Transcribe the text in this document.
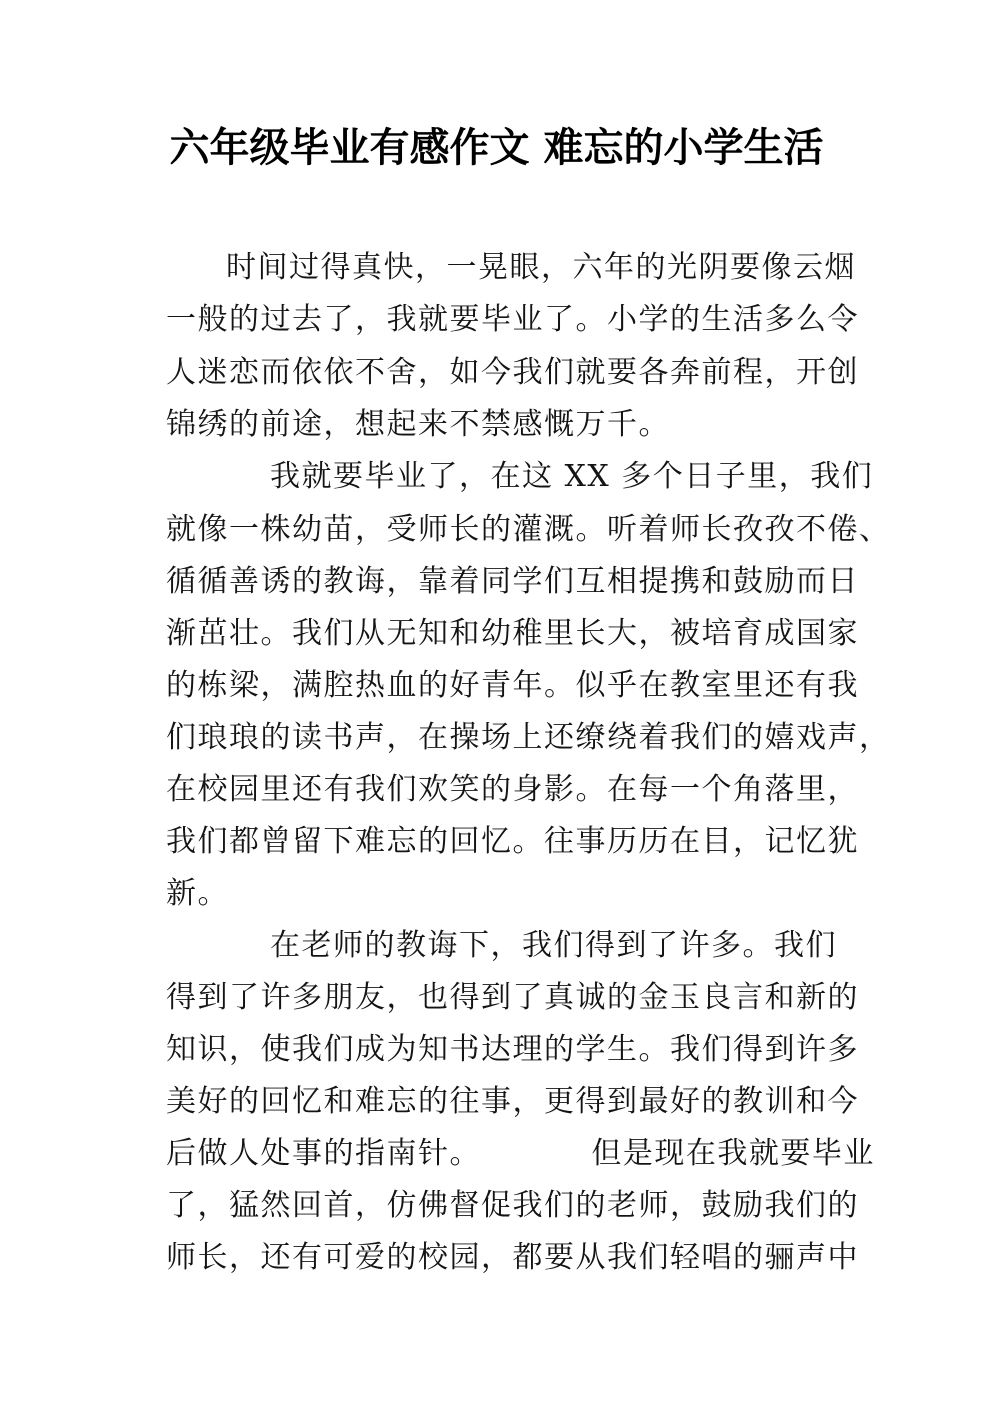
六年级毕业有感作文 难忘的小学生活
时间过得真快，一晃眼，六年的光阴要像云烟
一般的过去了，我就要毕业了。小学的生活多么令
人迷恋而依依不舍，如今我们就要各奔前程，开创
锦绣的前途，想起来不禁感慨万千。
我就要毕业了，在这 XX 多个日子里，我们
就像一株幼苗，受师长的灌溉。听着师长孜孜不倦、
循循善诱的教诲，靠着同学们互相提携和鼓励而日
渐茁壮。我们从无知和幼稚里长大，被培育成国家
的栋梁，满腔热血的好青年。似乎在教室里还有我
们琅琅的读书声，在操场上还缭绕着我们的嬉戏声，
在校园里还有我们欢笑的身影。在每一个角落里，
我们都曾留下难忘的回忆。往事历历在目，记忆犹
新。
在老师的教诲下，我们得到了许多。我们
得到了许多朋友，也得到了真诚的金玉良言和新的
知识，使我们成为知书达理的学生。我们得到许多
美好的回忆和难忘的往事，更得到最好的教训和今
后做人处事的指南针。          但是现在我就要毕业
了，猛然回首，仿佛督促我们的老师，鼓励我们的
师长，还有可爱的校园，都要从我们轻唱的骊声中
